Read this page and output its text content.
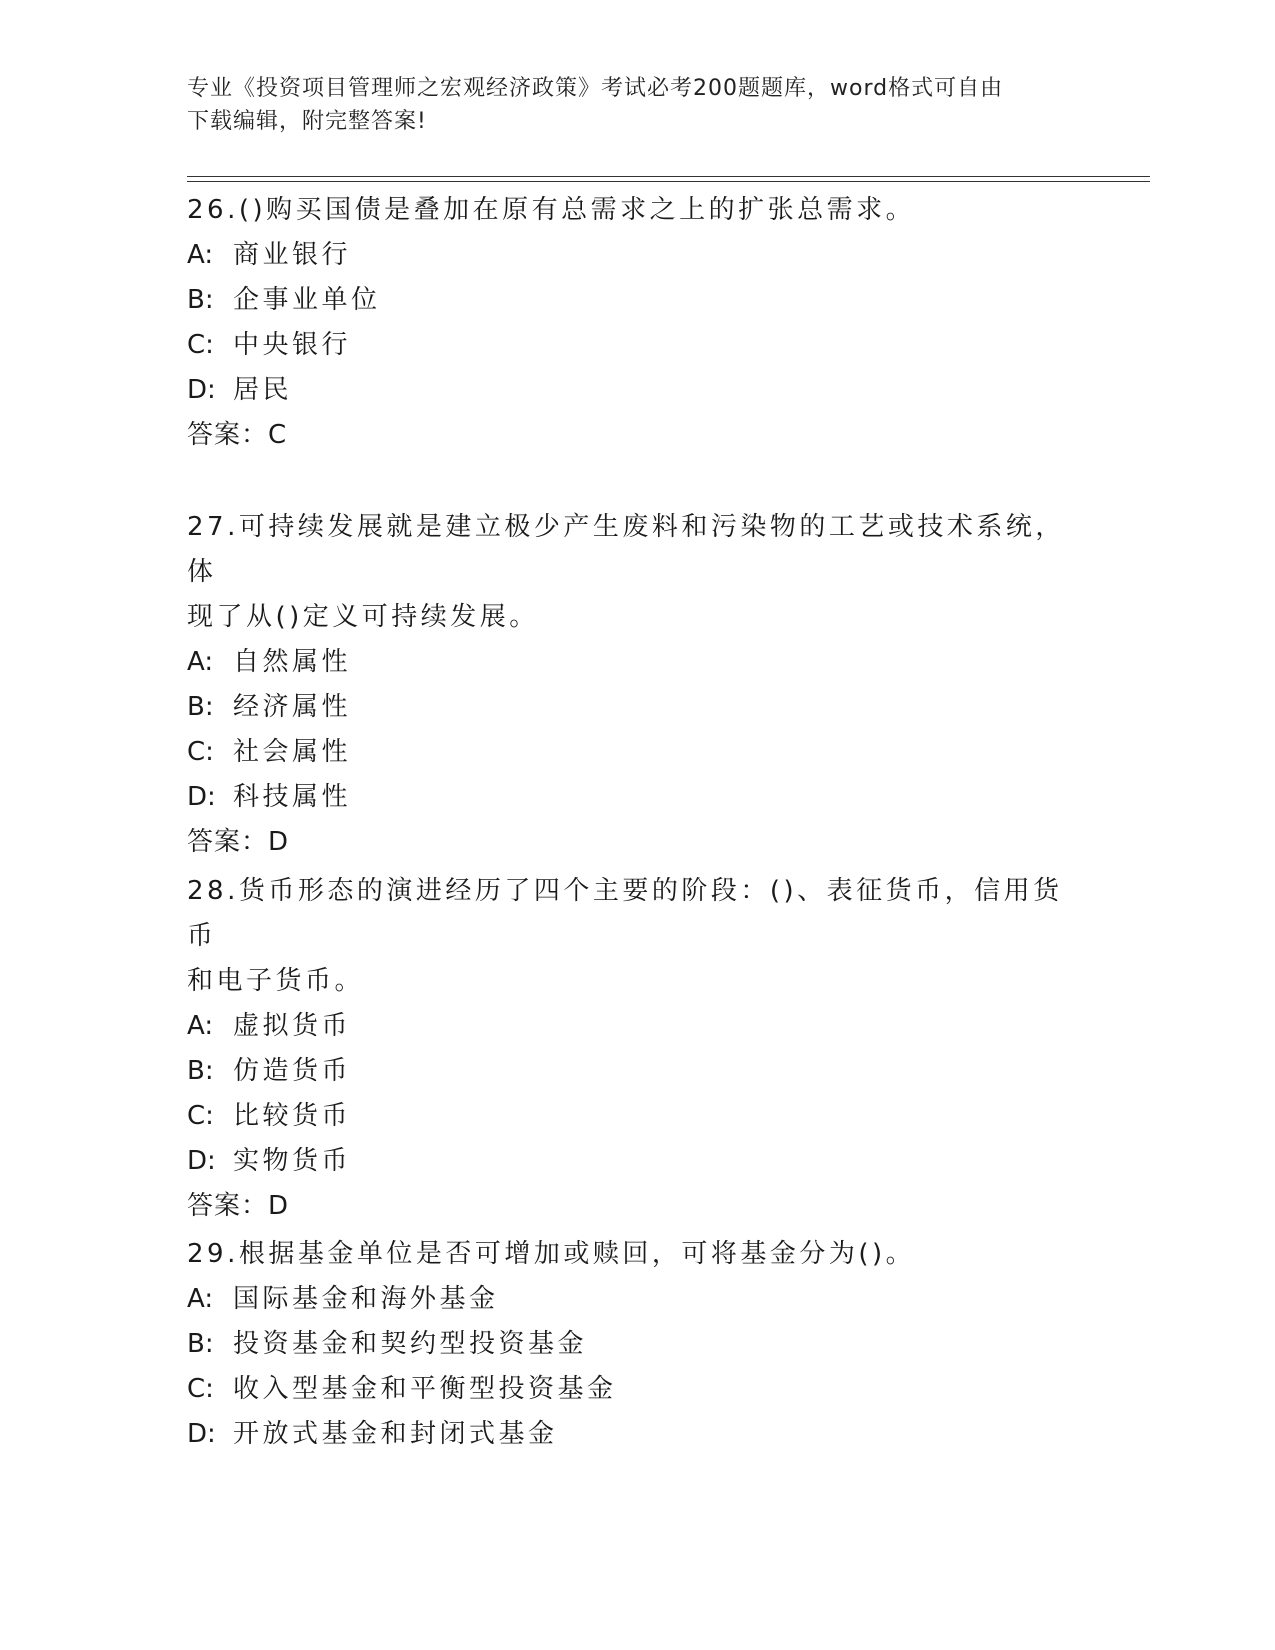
专业《投资项目管理师之宏观经济政策》考试必考200题题库，word格式可自由
下载编辑，附完整答案!

26.()购买国债是叠加在原有总需求之上的扩张总需求。

A: 商业银行

B: 企事业单位

C: 中央银行

D: 居民

答案：C

27.可持续发展就是建立极少产生废料和污染物的工艺或技术系统，体

现了从()定义可持续发展。

A: 自然属性

B: 经济属性

C: 社会属性

D: 科技属性

答案：D

28.货币形态的演进经历了四个主要的阶段：()、表征货币，信用货币

和电子货币。

A: 虚拟货币

B: 仿造货币

C: 比较货币

D: 实物货币

答案：D

29.根据基金单位是否可增加或赎回，可将基金分为()。

A: 国际基金和海外基金

B: 投资基金和契约型投资基金

C: 收入型基金和平衡型投资基金

D: 开放式基金和封闭式基金
